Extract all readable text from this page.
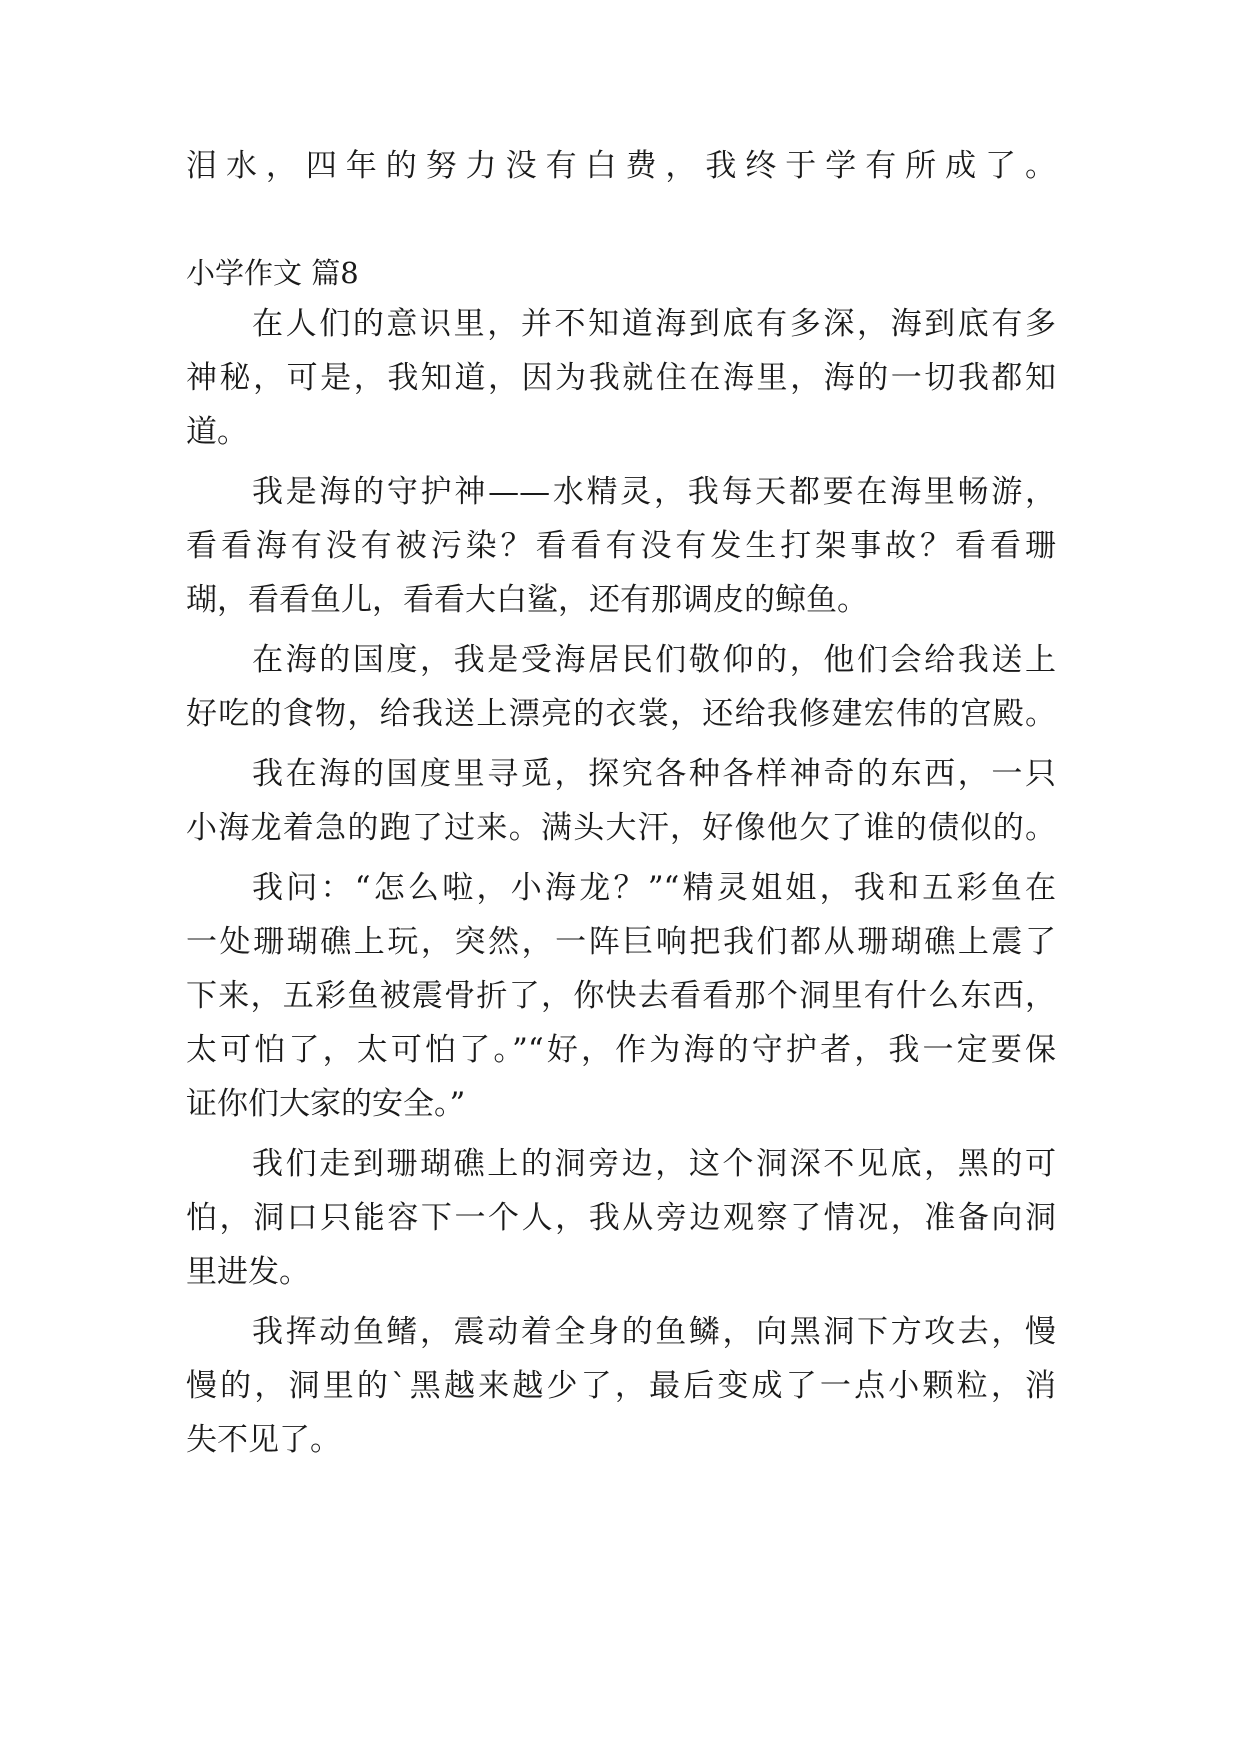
泪水，四年的努力没有白费，我终于学有所成了。
小学作文 篇8
在人们的意识里，并不知道海到底有多深，海到底有多
神秘，可是，我知道，因为我就住在海里，海的一切我都知
道。
我是海的守护神——水精灵，我每天都要在海里畅游，
看看海有没有被污染？看看有没有发生打架事故？看看珊
瑚，看看鱼儿，看看大白鲨，还有那调皮的鲸鱼。
在海的国度，我是受海居民们敬仰的，他们会给我送上
好吃的食物，给我送上漂亮的衣裳，还给我修建宏伟的宫殿。
我在海的国度里寻觅，探究各种各样神奇的东西，一只
小海龙着急的跑了过来。满头大汗，好像他欠了谁的债似的。
我问：“怎么啦，小海龙？”“精灵姐姐，我和五彩鱼在
一处珊瑚礁上玩，突然，一阵巨响把我们都从珊瑚礁上震了
下来，五彩鱼被震骨折了，你快去看看那个洞里有什么东西，
太可怕了，太可怕了。”“好，作为海的守护者，我一定要保
证你们大家的安全。”
我们走到珊瑚礁上的洞旁边，这个洞深不见底，黑的可
怕，洞口只能容下一个人，我从旁边观察了情况，准备向洞
里进发。
我挥动鱼鳍，震动着全身的鱼鳞，向黑洞下方攻去，慢
慢的，洞里的`黑越来越少了，最后变成了一点小颗粒，消
失不见了。
